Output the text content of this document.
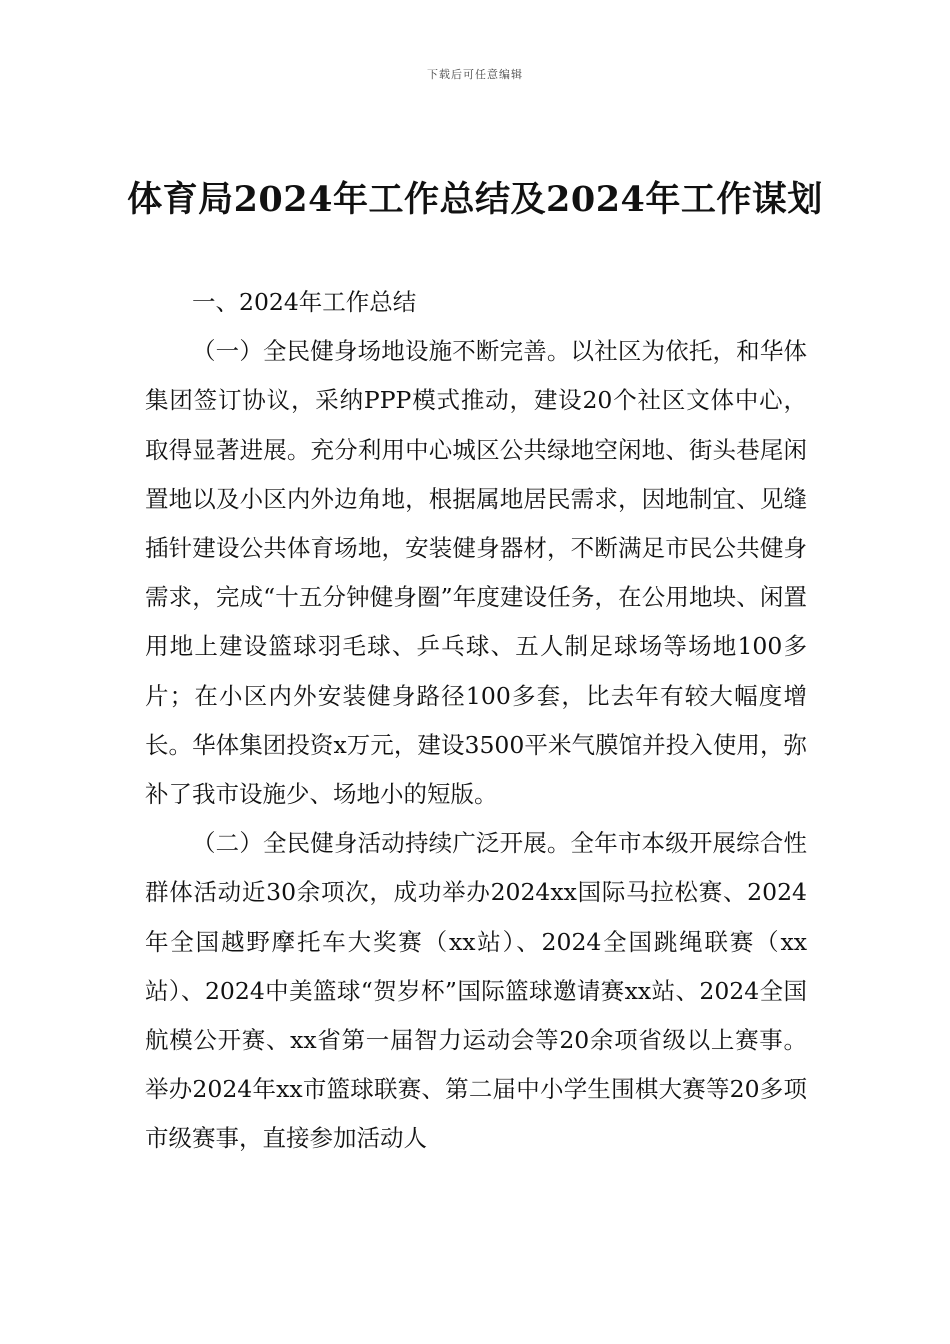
下载后可任意编辑
体育局2024年工作总结及2024年工作谋划
一、2024年工作总结

（一）全民健身场地设施不断完善。以社区为依托，和华体集团签订协议，采纳PPP模式推动，建设20个社区文体中心，取得显著进展。充分利用中心城区公共绿地空闲地、街头巷尾闲置地以及小区内外边角地，根据属地居民需求，因地制宜、见缝插针建设公共体育场地，安装健身器材，不断满足市民公共健身需求，完成“十五分钟健身圈”年度建设任务，在公用地块、闲置用地上建设篮球羽毛球、乒乓球、五人制足球场等场地100多片；在小区内外安装健身路径100多套，比去年有较大幅度增长。华体集团投资x万元，建设3500平米气膜馆并投入使用，弥补了我市设施少、场地小的短版。

（二）全民健身活动持续广泛开展。全年市本级开展综合性群体活动近30余项次，成功举办2024xx国际马拉松赛、2024年全国越野摩托车大奖赛（xx站）、2024全国跳绳联赛（xx站）、2024中美篮球“贺岁杯”国际篮球邀请赛xx站、2024全国航模公开赛、xx省第一届智力运动会等20余项省级以上赛事。举办2024年xx市篮球联赛、第二届中小学生围棋大赛等20多项市级赛事，直接参加活动人
